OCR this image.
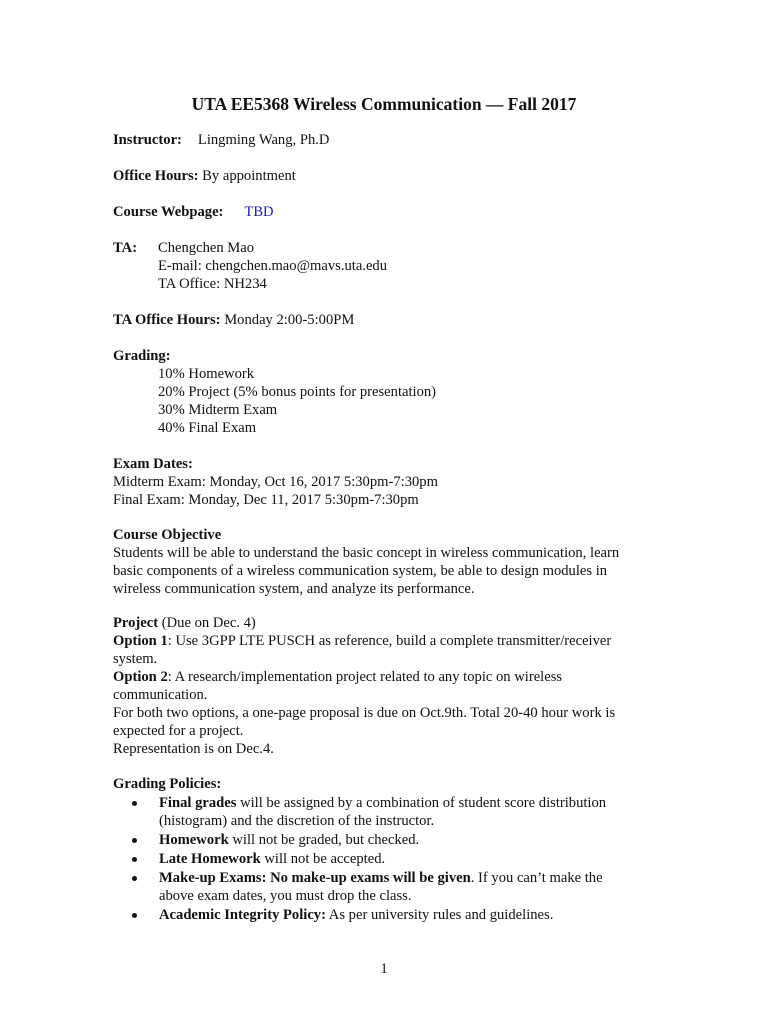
UTA EE5368 Wireless Communication — Fall 2017
Instructor: Lingming Wang, Ph.D
Office Hours: By appointment
Course Webpage: TBD
TA:	Chengchen Mao
E-mail: chengchen.mao@mavs.uta.edu
TA Office: NH234
TA Office Hours: Monday 2:00-5:00PM
Grading:
10% Homework
20% Project (5% bonus points for presentation)
30% Midterm Exam
40% Final Exam
Exam Dates:
Midterm Exam: Monday, Oct 16, 2017 5:30pm-7:30pm
Final Exam: Monday, Dec 11, 2017 5:30pm-7:30pm
Course Objective
Students will be able to understand the basic concept in wireless communication, learn basic components of a wireless communication system, be able to design modules in wireless communication system, and analyze its performance.
Project (Due on Dec. 4)
Option 1: Use 3GPP LTE PUSCH as reference, build a complete transmitter/receiver system.
Option 2: A research/implementation project related to any topic on wireless communication.
For both two options, a one-page proposal is due on Oct.9th. Total 20-40 hour work is expected for a project.
Representation is on Dec.4.
Grading Policies:
Final grades will be assigned by a combination of student score distribution (histogram) and the discretion of the instructor.
Homework will not be graded, but checked.
Late Homework will not be accepted.
Make-up Exams: No make-up exams will be given. If you can’t make the above exam dates, you must drop the class.
Academic Integrity Policy: As per university rules and guidelines.
1
